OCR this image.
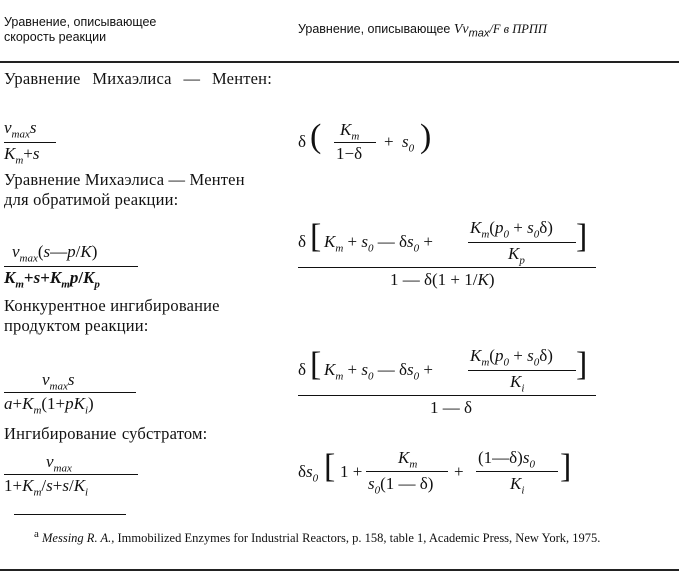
Уравнение, описывающее скорость реакции
Уравнение, описывающее $Vv_{max}/F$ в ПРПП
Уравнение Михаэлиса — Ментен:
$v_{max}s$
$K_m+s$
δ ( $K_m$
1−δ
+ $s_0$ )
Уравнение Михаэлиса — Ментен для обратимой реакции:
$v_{max}(s—p/K)$
$K_m+s+K_mp/K_p$
δ [ $K_m + s_0$ — $\delta s_0$ +
$K_m(p_0 + s_0\delta)$
$K_p$
]
1 — δ(1 + 1/K)
Конкурентное ингибирование продуктом реакции:
$v_{max}s$
$a+K_m(1+pK_i)$
δ [ $K_m + s_0$ — $\delta s_0$ +
$K_m(p_0 + s_0\delta)$
$K_i$
]
1 — δ
Ингибирование субстратом:
$v_{max}$
$1+K_m/s+s/K_i$
$\delta s_0$ [ 1 +
$K_m$
$s_0(1$ — δ)
+
$(1—\delta)s_0$
$K_i$
]
$^а$ Messing R. A., Immobilized Enzymes for Industrial Reactors, p. 158, table 1, Academic Press, New York, 1975.
